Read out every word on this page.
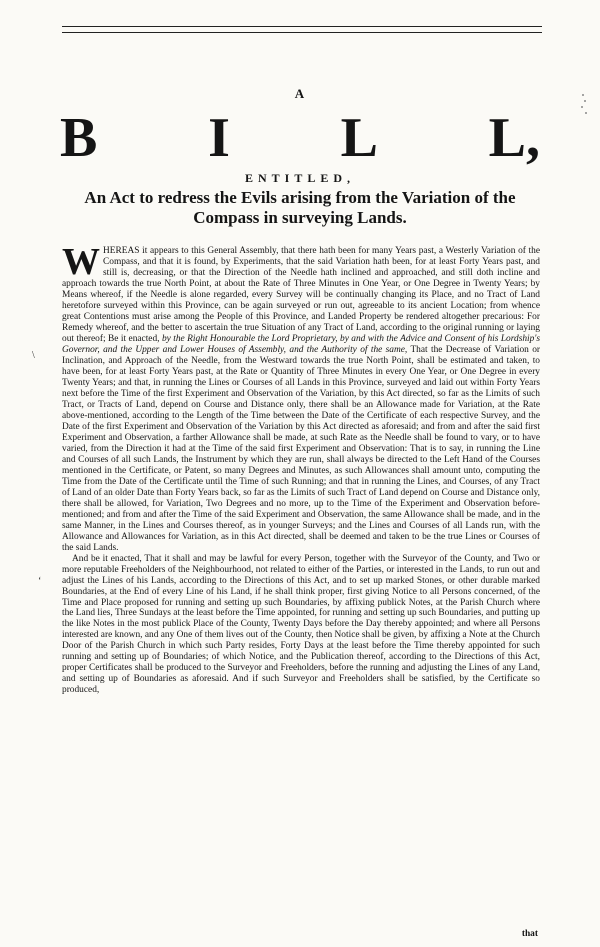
A
B I L L,
ENTITLED,
An Act to redress the Evils arising from the Variation of the
Compass in surveying Lands.

WHEREAS it appears to this General Assembly, that there hath been for many Years past, a Westerly Variation of the Compass, and that it is found, by Experiments, that the said Variation hath been, for at least Forty Years past, and still is, decreasing, or that the Direction of the Needle hath inclined and approached, and still doth incline and approach towards the true North Point, at about the Rate of Three Minutes in One Year, or One Degree in Twenty Years; by Means whereof, if the Needle is alone regarded, every Survey will be continually changing its Place, and no Tract of Land heretofore surveyed within this Province, can be again surveyed or run out, agreeable to its ancient Location; from whence great Contentions must arise among the People of this Province, and Landed Property be rendered altogether precarious: For Remedy whereof, and the better to ascertain the true Situation of any Tract of Land, according to the original running or laying out thereof; Be it enacted, by the Right Honourable the Lord Proprietary, by and with the Advice and Consent of his Lordship's Governor, and the Upper and Lower Houses of Assembly, and the Authority of the same, That the Decrease of Variation or Inclination, and Approach of the Needle, from the Westward towards the true North Point, shall be estimated and taken, to have been, for at least Forty Years past, at the Rate or Quantity of Three Minutes in every One Year, or One Degree in every Twenty Years; and that, in running the Lines or Courses of all Lands in this Province, surveyed and laid out within Forty Years next before the Time of the first Experiment and Observation of the Variation, by this Act directed, so far as the Limits of such Tract, or Tracts of Land, depend on Course and Distance only, there shall be an Allowance made for Variation, at the Rate above-mentioned, according to the Length of the Time between the Date of the Certificate of each respective Survey, and the Date of the first Experiment and Observation of the Variation by this Act directed as aforesaid; and from and after the said first Experiment and Observation, a farther Allowance shall be made, at such Rate as the Needle shall be found to vary, or to have varied, from the Direction it had at the Time of the said first Experiment and Observation: That is to say, in running the Line and Courses of all such Lands, the Instrument by which they are run, shall always be directed to the Left Hand of the Courses mentioned in the Certificate, or Patent, so many Degrees and Minutes, as such Allowances shall amount unto, computing the Time from the Date of the Certificate until the Time of such Running; and that in running the Lines, and Courses, of any Tract of Land of an older Date than Forty Years back, so far as the Limits of such Tract of Land depend on Course and Distance only, there shall be allowed, for Variation, Two Degrees and no more, up to the Time of the Experiment and Observation before-mentioned; and from and after the Time of the said Experiment and Observation, the same Allowance shall be made, and in the same Manner, in the Lines and Courses thereof, as in younger Surveys; and the Lines and Courses of all Lands run, with the Allowance and Allowances for Variation, as in this Act directed, shall be deemed and taken to be the true Lines or Courses of the said Lands.

And be it enacted, That it shall and may be lawful for every Person, together with the Surveyor of the County, and Two or more reputable Freeholders of the Neighbourhood, not related to either of the Parties, or interested in the Lands, to run out and adjust the Lines of his Lands, according to the Directions of this Act, and to set up marked Stones, or other durable marked Boundaries, at the End of every Line of his Land, if he shall think proper, first giving Notice to all Persons concerned, of the Time and Place proposed for running and setting up such Boundaries, by affixing publick Notes, at the Parish Church where the Land lies, Three Sundays at the least before the Time appointed, for running and setting up such Boundaries, and putting up the like Notes in the most publick Place of the County, Twenty Days before the Day thereby appointed; and where all Persons interested are known, and any One of them lives out of the County, then Notice shall be given, by affixing a Note at the Church Door of the Parish Church in which such Party resides, Forty Days at the least before the Time thereby appointed for such running and setting up of Boundaries; of which Notice, and the Publication thereof, according to the Directions of this Act, proper Certificates shall be produced to the Surveyor and Freeholders, before the running and adjusting the Lines of any Land, and setting up of Boundaries as aforesaid. And if such Surveyor and Freeholders shall be satisfied, by the Certificate so produced,

\
‘
that
